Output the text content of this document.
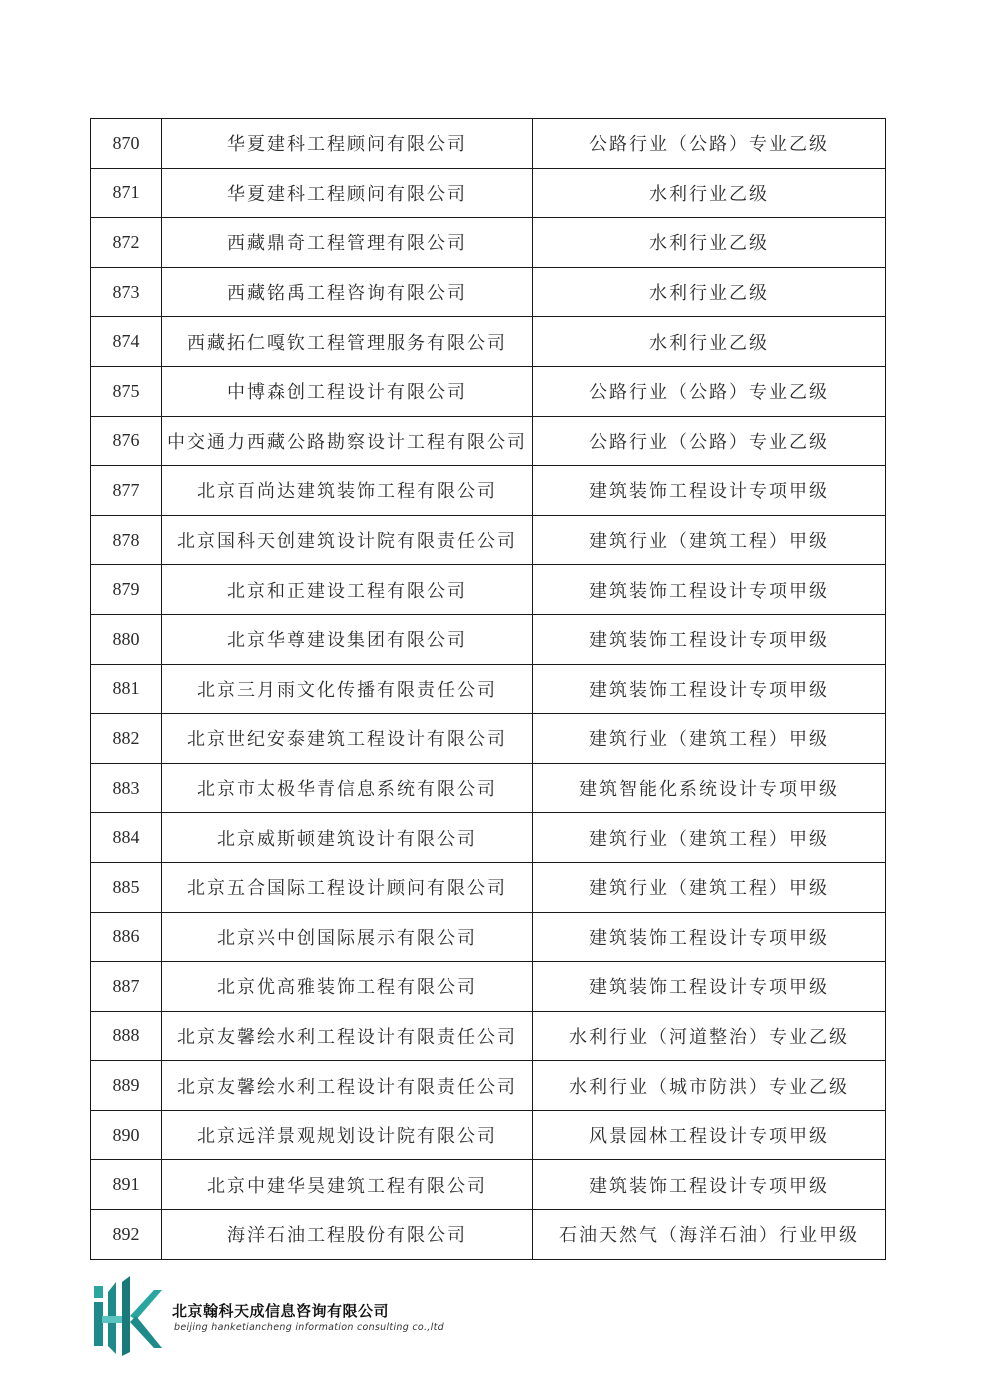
870	华夏建科工程顾问有限公司	公路行业（公路）专业乙级
871	华夏建科工程顾问有限公司	水利行业乙级
872	西藏鼎奇工程管理有限公司	水利行业乙级
873	西藏铭禹工程咨询有限公司	水利行业乙级
874	西藏拓仁嘎钦工程管理服务有限公司	水利行业乙级
875	中博森创工程设计有限公司	公路行业（公路）专业乙级
876	中交通力西藏公路勘察设计工程有限公司	公路行业（公路）专业乙级
877	北京百尚达建筑装饰工程有限公司	建筑装饰工程设计专项甲级
878	北京国科天创建筑设计院有限责任公司	建筑行业（建筑工程）甲级
879	北京和正建设工程有限公司	建筑装饰工程设计专项甲级
880	北京华尊建设集团有限公司	建筑装饰工程设计专项甲级
881	北京三月雨文化传播有限责任公司	建筑装饰工程设计专项甲级
882	北京世纪安泰建筑工程设计有限公司	建筑行业（建筑工程）甲级
883	北京市太极华青信息系统有限公司	建筑智能化系统设计专项甲级
884	北京威斯顿建筑设计有限公司	建筑行业（建筑工程）甲级
885	北京五合国际工程设计顾问有限公司	建筑行业（建筑工程）甲级
886	北京兴中创国际展示有限公司	建筑装饰工程设计专项甲级
887	北京优高雅装饰工程有限公司	建筑装饰工程设计专项甲级
888	北京友馨绘水利工程设计有限责任公司	水利行业（河道整治）专业乙级
889	北京友馨绘水利工程设计有限责任公司	水利行业（城市防洪）专业乙级
890	北京远洋景观规划设计院有限公司	风景园林工程设计专项甲级
891	北京中建华昊建筑工程有限公司	建筑装饰工程设计专项甲级
892	海洋石油工程股份有限公司	石油天然气（海洋石油）行业甲级
北京翰科天成信息咨询有限公司
beijing hanketiancheng information consulting co.,ltd
